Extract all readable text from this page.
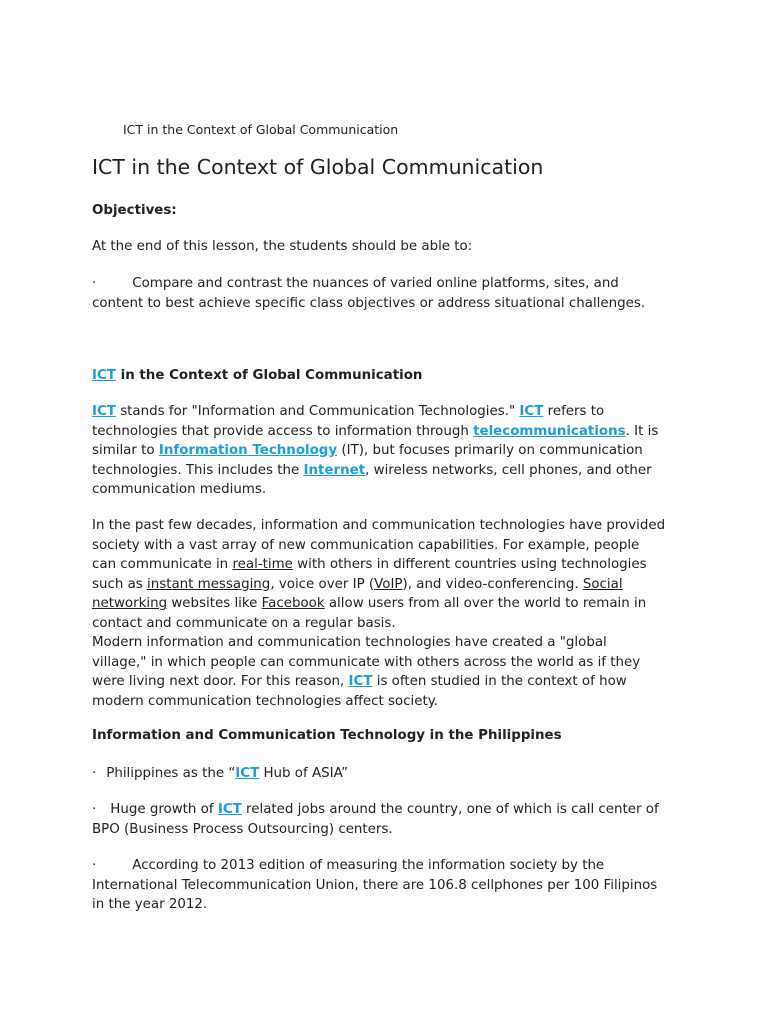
ICT in the Context of Global Communication
ICT in the Context of Global Communication
Objectives:
At the end of this lesson, the students should be able to:
·	Compare and contrast the nuances of varied online platforms, sites, and
content to best achieve specific class objectives or address situational challenges.
ICT in the Context of Global Communication
ICT stands for "Information and Communication Technologies." ICT refers to
technologies that provide access to information through telecommunications. It is
similar to Information Technology (IT), but focuses primarily on communication
technologies. This includes the Internet, wireless networks, cell phones, and other
communication mediums.
In the past few decades, information and communication technologies have provided
society with a vast array of new communication capabilities. For example, people
can communicate in real-time with others in different countries using technologies
such as instant messaging, voice over IP (VoIP), and video-conferencing. Social
networking websites like Facebook allow users from all over the world to remain in
contact and communicate on a regular basis.
Modern information and communication technologies have created a "global
village," in which people can communicate with others across the world as if they
were living next door. For this reason, ICT is often studied in the context of how
modern communication technologies affect society.
Information and Communication Technology in the Philippines
· Philippines as the “ICT Hub of ASIA”
· Huge growth of ICT related jobs around the country, one of which is call center of
BPO (Business Process Outsourcing) centers.
·	According to 2013 edition of measuring the information society by the
International Telecommunication Union, there are 106.8 cellphones per 100 Filipinos
in the year 2012.
